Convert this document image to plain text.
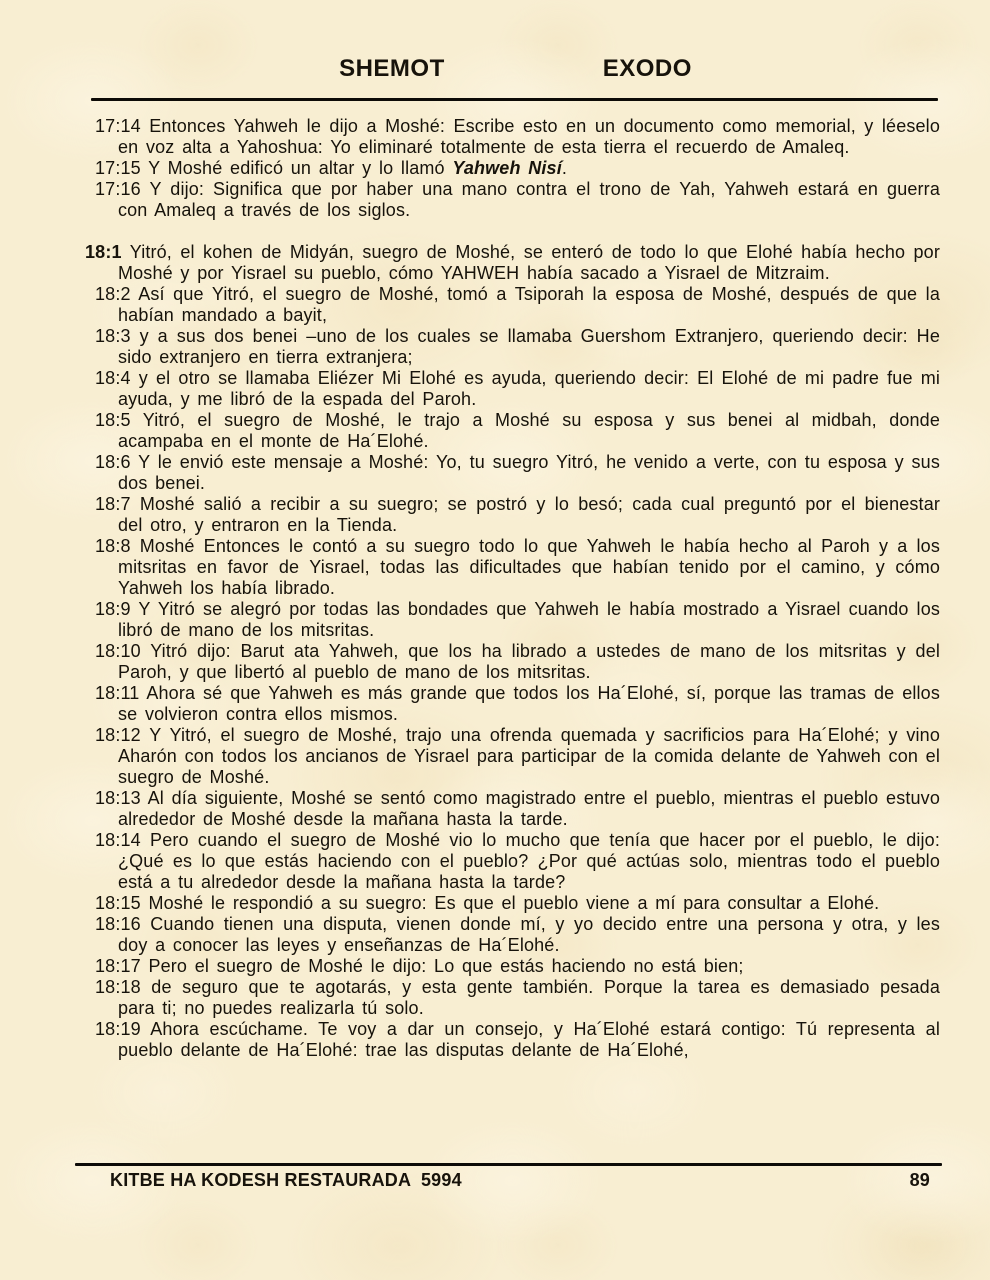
SHEMOT	EXODO

17:14 Entonces Yahweh le dijo a Moshé: Escribe esto en un documento como memorial, y léeselo en voz alta a Yahoshua: Yo eliminaré totalmente de esta tierra el recuerdo de Amaleq.

17:15 Y Moshé edificó un altar y lo llamó Yahweh Nisí.

17:16 Y dijo: Significa que por haber una mano contra el trono de Yah, Yahweh estará en guerra con Amaleq a través de los siglos.

18:1 Yitró, el kohen de Midyán, suegro de Moshé, se enteró de todo lo que Elohé había hecho por Moshé y por Yisrael su pueblo, cómo YAHWEH había sacado a Yisrael de Mitzraim.

18:2 Así que Yitró, el suegro de Moshé, tomó a Tsiporah la esposa de Moshé, después de que la habían mandado a bayit,

18:3 y a sus dos benei –uno de los cuales se llamaba Guershom Extranjero, queriendo decir: He sido extranjero en tierra extranjera;

18:4 y el otro se llamaba Eliézer Mi Elohé es ayuda, queriendo decir: El Elohé de mi padre fue mi ayuda, y me libró de la espada del Paroh.

18:5 Yitró, el suegro de Moshé, le trajo a Moshé su esposa y sus benei al midbah, donde acampaba en el monte de Ha´Elohé.

18:6 Y le envió este mensaje a Moshé: Yo, tu suegro Yitró, he venido a verte, con tu esposa y sus dos benei.

18:7 Moshé salió a recibir a su suegro; se postró y lo besó; cada cual preguntó por el bienestar del otro, y entraron en la Tienda.

18:8 Moshé Entonces le contó a su suegro todo lo que Yahweh le había hecho al Paroh y a los mitsritas en favor de Yisrael, todas las dificultades que habían tenido por el camino, y cómo Yahweh los había librado.

18:9 Y Yitró se alegró por todas las bondades que Yahweh le había mostrado a Yisrael cuando los libró de mano de los mitsritas.

18:10 Yitró dijo: Barut ata Yahweh, que los ha librado a ustedes de mano de los mitsritas y del Paroh, y que libertó al pueblo de mano de los mitsritas.

18:11 Ahora sé que Yahweh es más grande que todos los Ha´Elohé, sí, porque las tramas de ellos se volvieron contra ellos mismos.

18:12 Y Yitró, el suegro de Moshé, trajo una ofrenda quemada y sacrificios para Ha´Elohé; y vino Aharón con todos los ancianos de Yisrael para participar de la comida delante de Yahweh con el suegro de Moshé.

18:13 Al día siguiente, Moshé se sentó como magistrado entre el pueblo, mientras el pueblo estuvo alrededor de Moshé desde la mañana hasta la tarde.

18:14 Pero cuando el suegro de Moshé vio lo mucho que tenía que hacer por el pueblo, le dijo: ¿Qué es lo que estás haciendo con el pueblo? ¿Por qué actúas solo, mientras todo el pueblo está a tu alrededor desde la mañana hasta la tarde?

18:15 Moshé le respondió a su suegro: Es que el pueblo viene a mí para consultar a Elohé.

18:16 Cuando tienen una disputa, vienen donde mí, y yo decido entre una persona y otra, y les doy a conocer las leyes y enseñanzas de Ha´Elohé.

18:17 Pero el suegro de Moshé le dijo: Lo que estás haciendo no está bien;

18:18 de seguro que te agotarás, y esta gente también. Porque la tarea es demasiado pesada para ti; no puedes realizarla tú solo.

18:19 Ahora escúchame. Te voy a dar un consejo, y Ha´Elohé estará contigo: Tú representa al pueblo delante de Ha´Elohé: trae las disputas delante de Ha´Elohé,

KITBE HA KODESH RESTAURADA  5994	89
